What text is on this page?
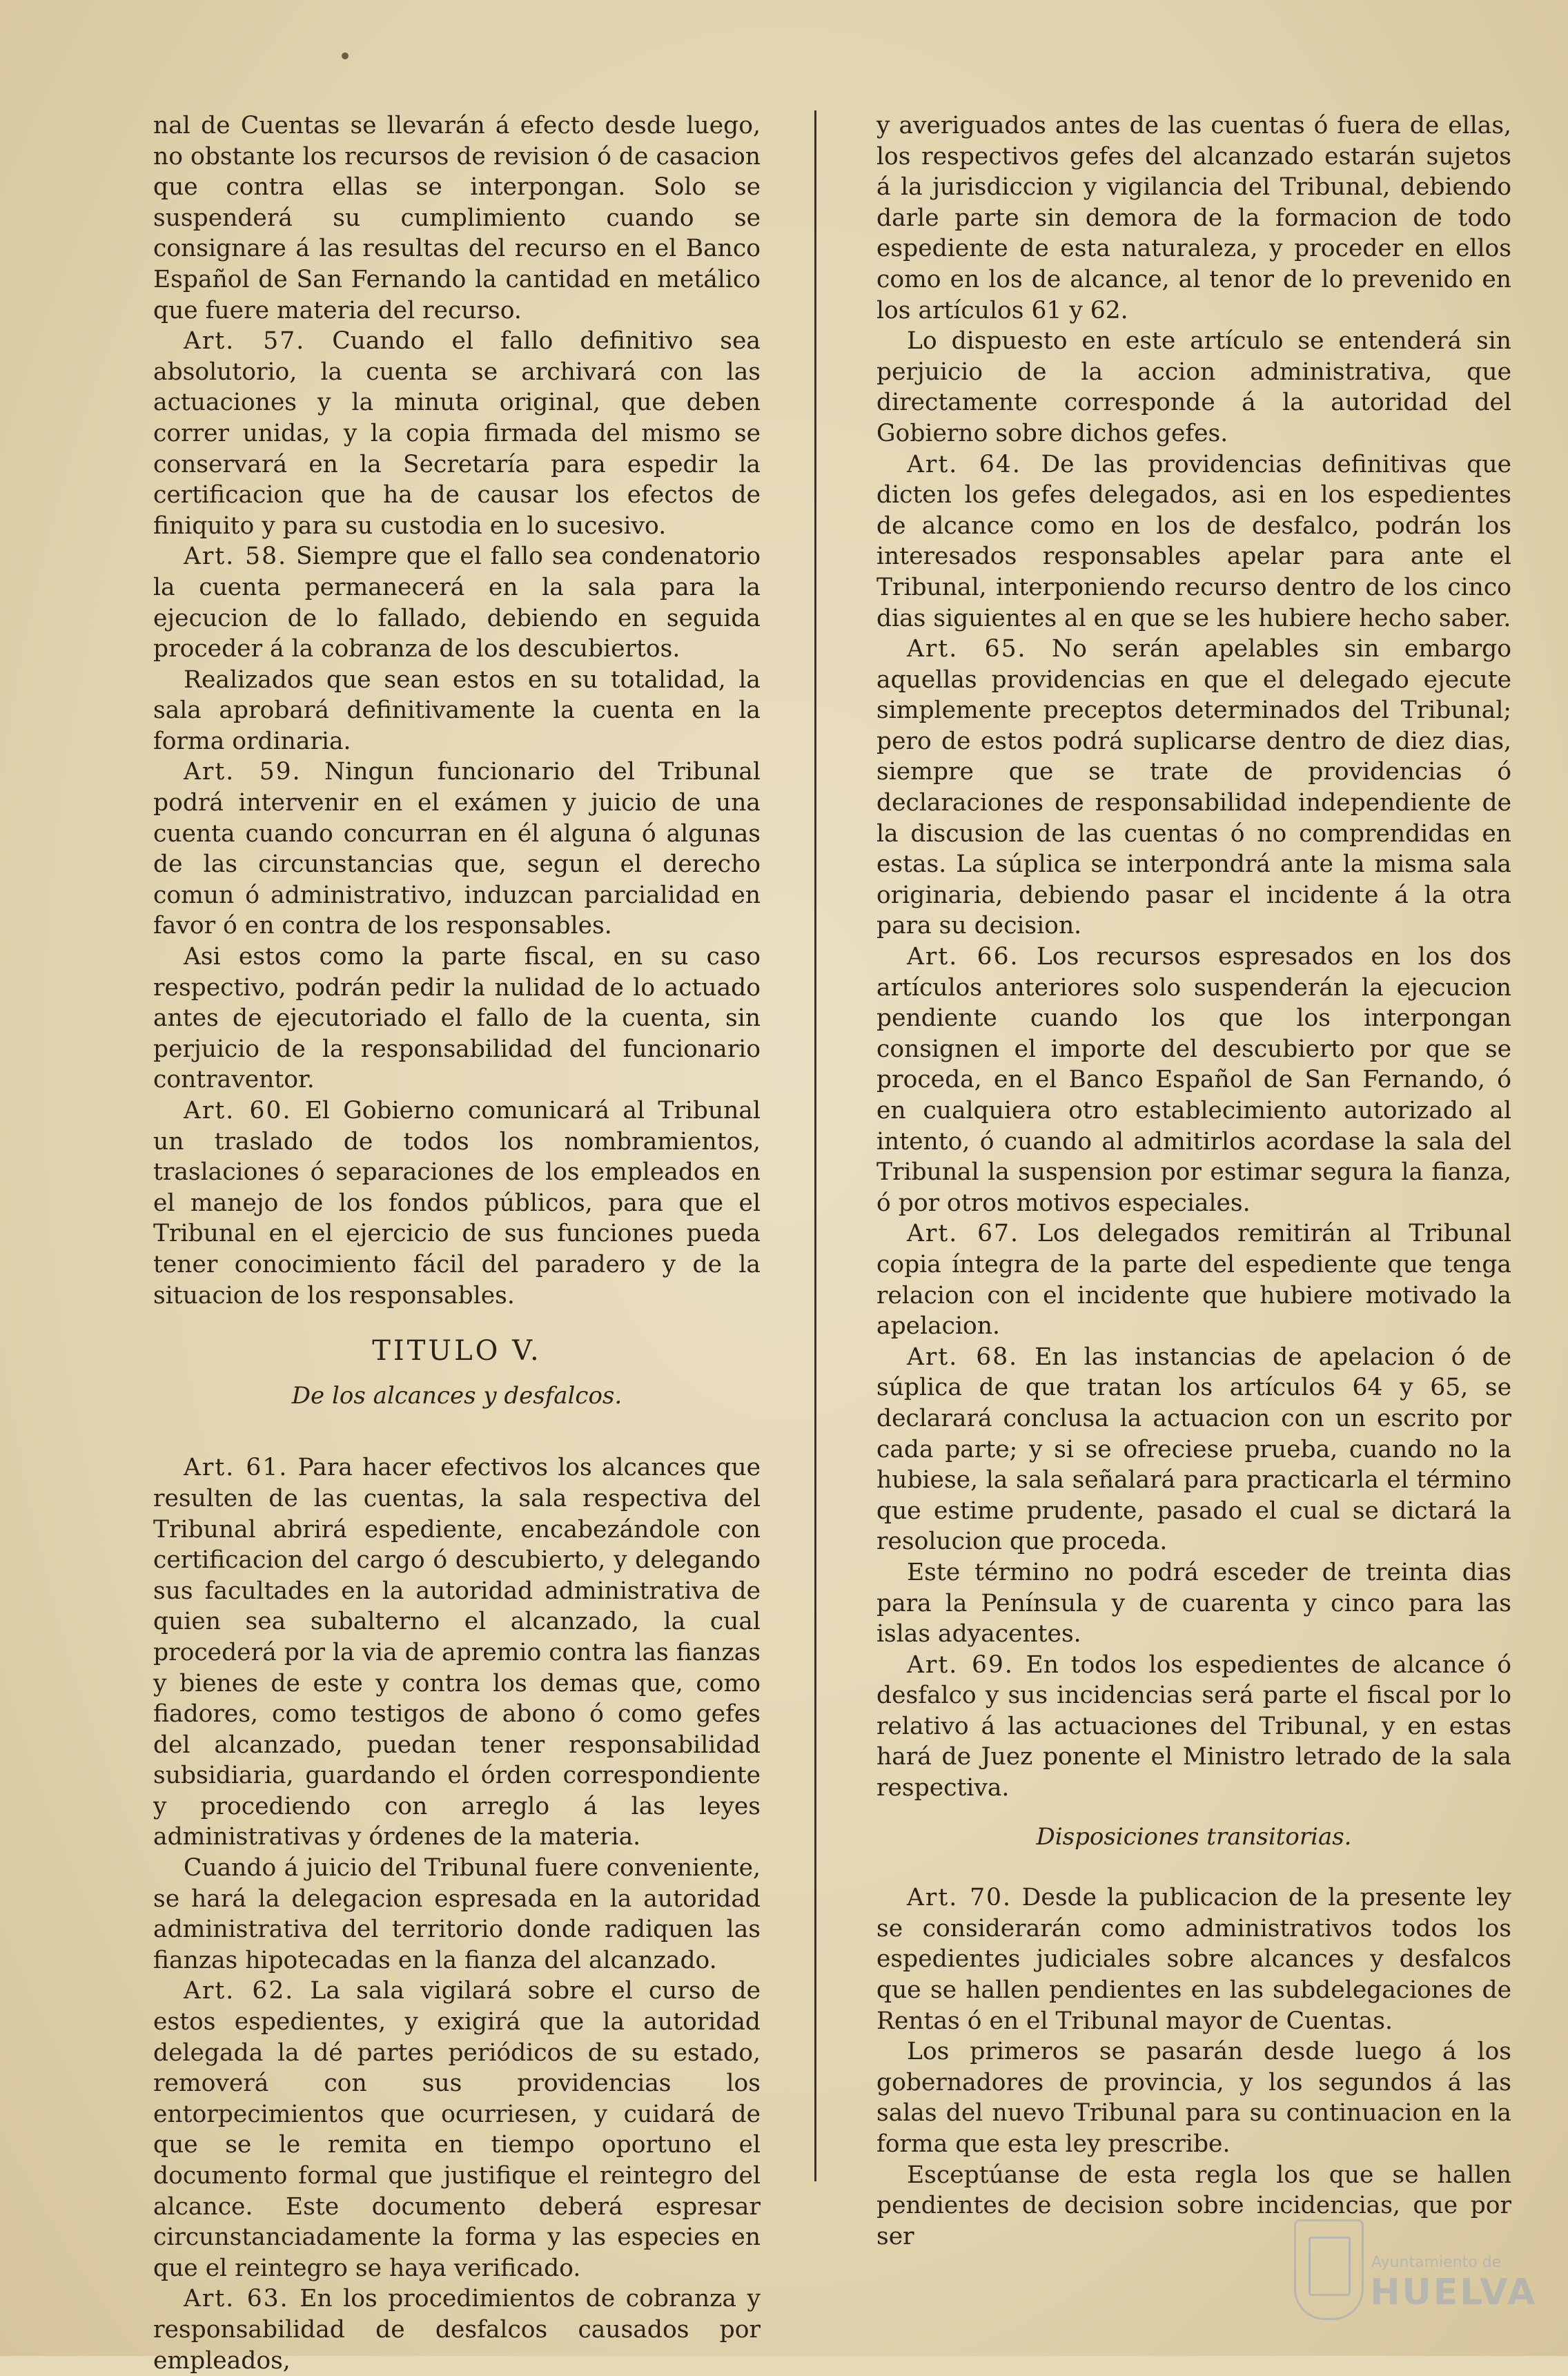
nal de Cuentas se llevarán á efecto desde luego, no obstante los recursos de revision ó de casacion que contra ellas se interpongan. Solo se suspenderá su cumplimiento cuando se consignare á las resultas del recurso en el Banco Español de San Fernando la cantidad en metálico que fuere materia del recurso.

Art. 57. Cuando el fallo definitivo sea absolutorio, la cuenta se archivará con las actuaciones y la minuta original, que deben correr unidas, y la copia firmada del mismo se conservará en la Secretaría para espedir la certificacion que ha de causar los efectos de finiquito y para su custodia en lo sucesivo.

Art. 58. Siempre que el fallo sea condenatorio la cuenta permanecerá en la sala para la ejecucion de lo fallado, debiendo en seguida proceder á la cobranza de los descubiertos.

Realizados que sean estos en su totalidad, la sala aprobará definitivamente la cuenta en la forma ordinaria.

Art. 59. Ningun funcionario del Tribunal podrá intervenir en el exámen y juicio de una cuenta cuando concurran en él alguna ó algunas de las circunstancias que, segun el derecho comun ó administrativo, induzcan parcialidad en favor ó en contra de los responsables.

Asi estos como la parte fiscal, en su caso respectivo, podrán pedir la nulidad de lo actuado antes de ejecutoriado el fallo de la cuenta, sin perjuicio de la responsabilidad del funcionario contraventor.

Art. 60. El Gobierno comunicará al Tribunal un traslado de todos los nombramientos, traslaciones ó separaciones de los empleados en el manejo de los fondos públicos, para que el Tribunal en el ejercicio de sus funciones pueda tener conocimiento fácil del paradero y de la situacion de los responsables.

TITULO V.
De los alcances y desfalcos.

Art. 61. Para hacer efectivos los alcances que resulten de las cuentas, la sala respectiva del Tribunal abrirá espediente, encabezándole con certificacion del cargo ó descubierto, y delegando sus facultades en la autoridad administrativa de quien sea subalterno el alcanzado, la cual procederá por la via de apremio contra las fianzas y bienes de este y contra los demas que, como fiadores, como testigos de abono ó como gefes del alcanzado, puedan tener responsabilidad subsidiaria, guardando el órden correspondiente y procediendo con arreglo á las leyes administrativas y órdenes de la materia.

Cuando á juicio del Tribunal fuere conveniente, se hará la delegacion espresada en la autoridad administrativa del territorio donde radiquen las fianzas hipotecadas en la fianza del alcanzado.

Art. 62. La sala vigilará sobre el curso de estos espedientes, y exigirá que la autoridad delegada la dé partes periódicos de su estado, removerá con sus providencias los entorpecimientos que ocurriesen, y cuidará de que se le remita en tiempo oportuno el documento formal que justifique el reintegro del alcance. Este documento deberá espresar circunstanciadamente la forma y las especies en que el reintegro se haya verificado.

Art. 63. En los procedimientos de cobranza y responsabilidad de desfalcos causados por empleados,

y averiguados antes de las cuentas ó fuera de ellas, los respectivos gefes del alcanzado estarán sujetos á la jurisdiccion y vigilancia del Tribunal, debiendo darle parte sin demora de la formacion de todo espediente de esta naturaleza, y proceder en ellos como en los de alcance, al tenor de lo prevenido en los artículos 61 y 62.

Lo dispuesto en este artículo se entenderá sin perjuicio de la accion administrativa, que directamente corresponde á la autoridad del Gobierno sobre dichos gefes.

Art. 64. De las providencias definitivas que dicten los gefes delegados, asi en los espedientes de alcance como en los de desfalco, podrán los interesados responsables apelar para ante el Tribunal, interponiendo recurso dentro de los cinco dias siguientes al en que se les hubiere hecho saber.

Art. 65. No serán apelables sin embargo aquellas providencias en que el delegado ejecute simplemente preceptos determinados del Tribunal; pero de estos podrá suplicarse dentro de diez dias, siempre que se trate de providencias ó declaraciones de responsabilidad independiente de la discusion de las cuentas ó no comprendidas en estas. La súplica se interpondrá ante la misma sala originaria, debiendo pasar el incidente á la otra para su decision.

Art. 66. Los recursos espresados en los dos artículos anteriores solo suspenderán la ejecucion pendiente cuando los que los interpongan consignen el importe del descubierto por que se proceda, en el Banco Español de San Fernando, ó en cualquiera otro establecimiento autorizado al intento, ó cuando al admitirlos acordase la sala del Tribunal la suspension por estimar segura la fianza, ó por otros motivos especiales.

Art. 67. Los delegados remitirán al Tribunal copia íntegra de la parte del espediente que tenga relacion con el incidente que hubiere motivado la apelacion.

Art. 68. En las instancias de apelacion ó de súplica de que tratan los artículos 64 y 65, se declarará conclusa la actuacion con un escrito por cada parte; y si se ofreciese prueba, cuando no la hubiese, la sala señalará para practicarla el término que estime prudente, pasado el cual se dictará la resolucion que proceda.

Este término no podrá esceder de treinta dias para la Península y de cuarenta y cinco para las islas adyacentes.

Art. 69. En todos los espedientes de alcance ó desfalco y sus incidencias será parte el fiscal por lo relativo á las actuaciones del Tribunal, y en estas hará de Juez ponente el Ministro letrado de la sala respectiva.

Disposiciones transitorias.

Art. 70. Desde la publicacion de la presente ley se considerarán como administrativos todos los espedientes judiciales sobre alcances y desfalcos que se hallen pendientes en las subdelegaciones de Rentas ó en el Tribunal mayor de Cuentas.

Los primeros se pasarán desde luego á los gobernadores de provincia, y los segundos á las salas del nuevo Tribunal para su continuacion en la forma que esta ley prescribe.

Esceptúanse de esta regla los que se hallen pendientes de decision sobre incidencias, que por ser

Ayuntamiento de
HUELVA
